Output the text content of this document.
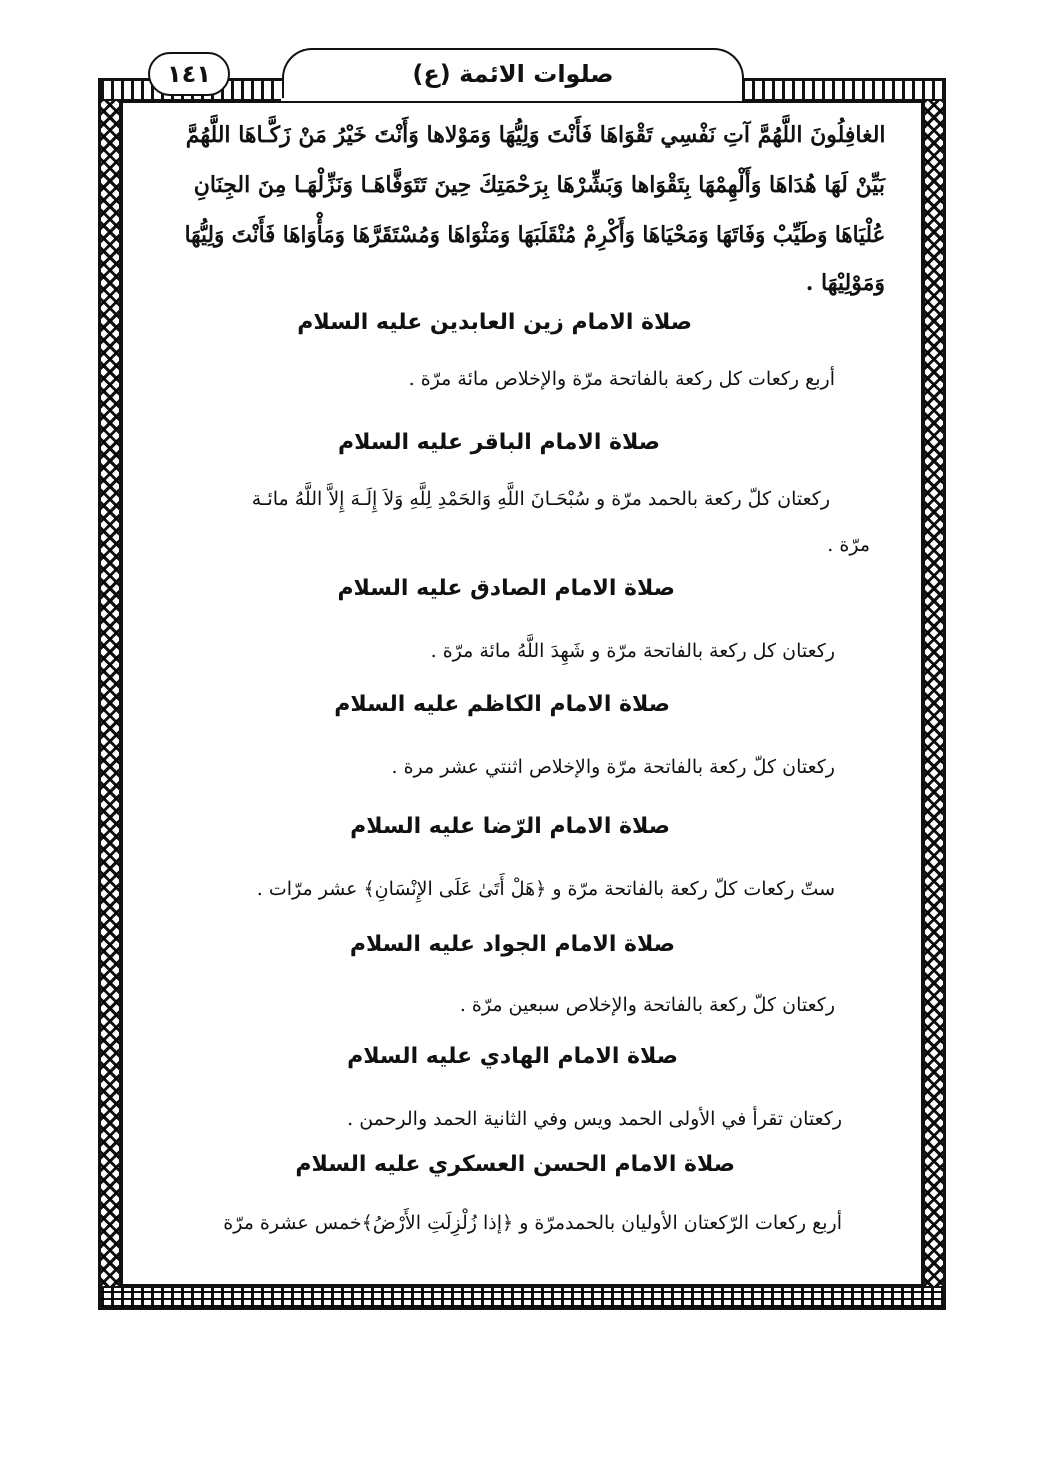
صلوات الائمة (ع)
١٤١
الغافِلُونَ اللَّهُمَّ آتِ نَفْسِي تَقْوَاهَا فَأَنْتَ وَلِيُّهَا وَمَوْلاها وَأَنْتَ خَيْرُ مَنْ زَكَّـاهَا اللَّهُمَّ
بَيِّنْ لَهَا هُدَاهَا وَأَلْهِمْهَا بِتَقْوَاها وَبَشِّرْهَا بِرَحْمَتِكَ حِينَ تَتَوَفَّاهَـا وَنَزِّلْهَـا مِنَ الجِنَانِ
عُلْيَاهَا وَطَيِّبْ وَفَاتَهَا وَمَحْيَاهَا وَأَكْرِمْ مُنْقَلَبَهَا وَمَثْوَاهَا وَمُسْتَقَرَّهَا وَمَأْوَاهَا فَأَنْتَ وَلِيُّهَا
وَمَوْلِيْهَا .
صلاة الامام زين العابدين عليه السلام
أربع ركعات كل ركعة بالفاتحة مرّة والإخلاص مائة مرّة .
صلاة الامام الباقر عليه السلام
ركعتان كلّ ركعة بالحمد مرّة و سُبْحَـانَ اللَّهِ وَالحَمْدِ لِلَّهِ وَلاَ إِلَـهَ إِلاَّ اللَّهُ مائـة
مرّة .
صلاة الامام الصادق عليه السلام
ركعتان كل ركعة بالفاتحة مرّة و شَهِدَ اللَّهُ مائة مرّة .
صلاة الامام الكاظم عليه السلام
ركعتان كلّ ركعة بالفاتحة مرّة والإخلاص اثنتي عشر مرة .
صلاة الامام الرّضا عليه السلام
ستّ ركعات كلّ ركعة بالفاتحة مرّة و ﴿هَلْ أَتَىٰ عَلَى الإِنْسَانِ﴾ عشر مرّات .
صلاة الامام الجواد عليه السلام
ركعتان كلّ ركعة بالفاتحة والإخلاص سبعين مرّة .
صلاة الامام الهادي عليه السلام
ركعتان تقرأ في الأولى الحمد ويس وفي الثانية الحمد والرحمن .
صلاة الامام الحسن العسكري عليه السلام
أربع ركعات الرّكعتان الأوليان بالحمدمرّة و ﴿إذا زُلْزِلَتِ الأَرْضُ﴾خمس عشرة مرّة
